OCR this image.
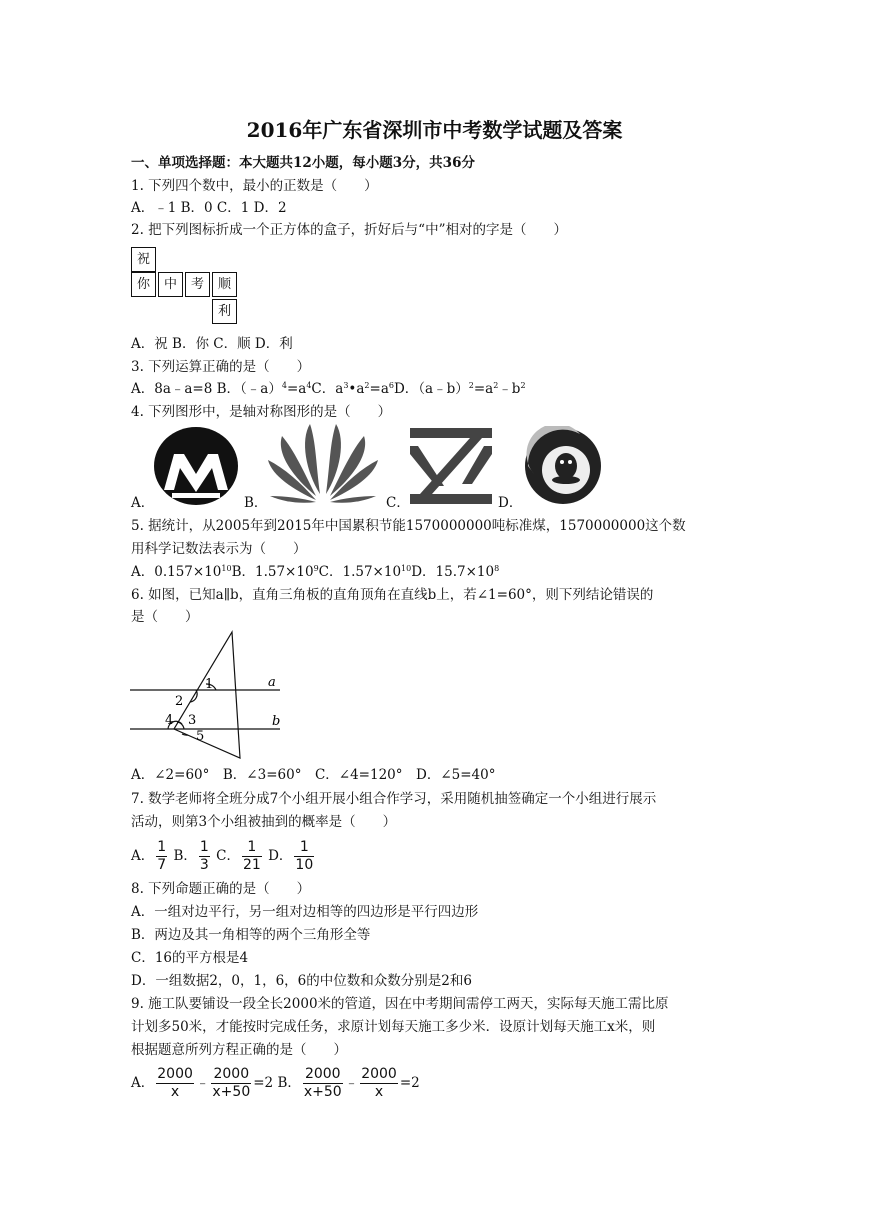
2016年广东省深圳市中考数学试题及答案
一、单项选择题：本大题共12小题，每小题3分，共36分
1. 下列四个数中，最小的正数是（　　）
A．﹣1 B．0 C．1 D．2
2. 把下列图标折成一个正方体的盒子，折好后与“中”相对的字是（　　）
祝
你	中	考	顺
利
A．祝 B．你 C．顺 D．利
3. 下列运算正确的是（　　）
A．8a﹣a=8 B．$(﹣a)^4=a^4C$．$a^3•a^2=a^6D$．$(a﹣b)^2=a^2﹣b^2$
4. 下列图形中，是轴对称图形的是（　　）
A．	B．	C．	D．
5. 据统计，从2005年到2015年中国累积节能1570000000吨标准煤，1570000000这个数
用科学记数法表示为（　　）
A．$0.157\times 10^{10}B$．$1.57\times 10^9C$．$1.57\times 10^{10}D$．$15.7\times 10^8$
6. 如图，已知a∥b，直角三角板的直角顶角在直线b上，若∠1=60°，则下列结论错误的
是（　　）
1
2
3
4
5
a
b
A．∠2=60°　B．∠3=60°　C．∠4=120°　D．∠5=40°
7. 数学老师将全班分成7个小组开展小组合作学习，采用随机抽签确定一个小组进行展示
活动，则第3个小组被抽到的概率是（　　）
A． $\frac{1}{7}$ B． $\frac{1}{3}$ C． $\frac{1}{21}$ D． $\frac{1}{10}$
8. 下列命题正确的是（　　）
A．一组对边平行，另一组对边相等的四边形是平行四边形
B．两边及其一角相等的两个三角形全等
C．16的平方根是4
D．一组数据2，0，1，6，6的中位数和众数分别是2和6
9. 施工队要铺设一段全长2000米的管道，因在中考期间需停工两天，实际每天施工需比原
计划多50米，才能按时完成任务，求原计划每天施工多少米．设原计划每天施工x米，则
根据题意所列方程正确的是（　　）
A． $\frac{2000}{x}$ ﹣ $\frac{2000}{x+50} =2$ B． $\frac{2000}{x+50}$ ﹣ $\frac{2000}{x} =2$
